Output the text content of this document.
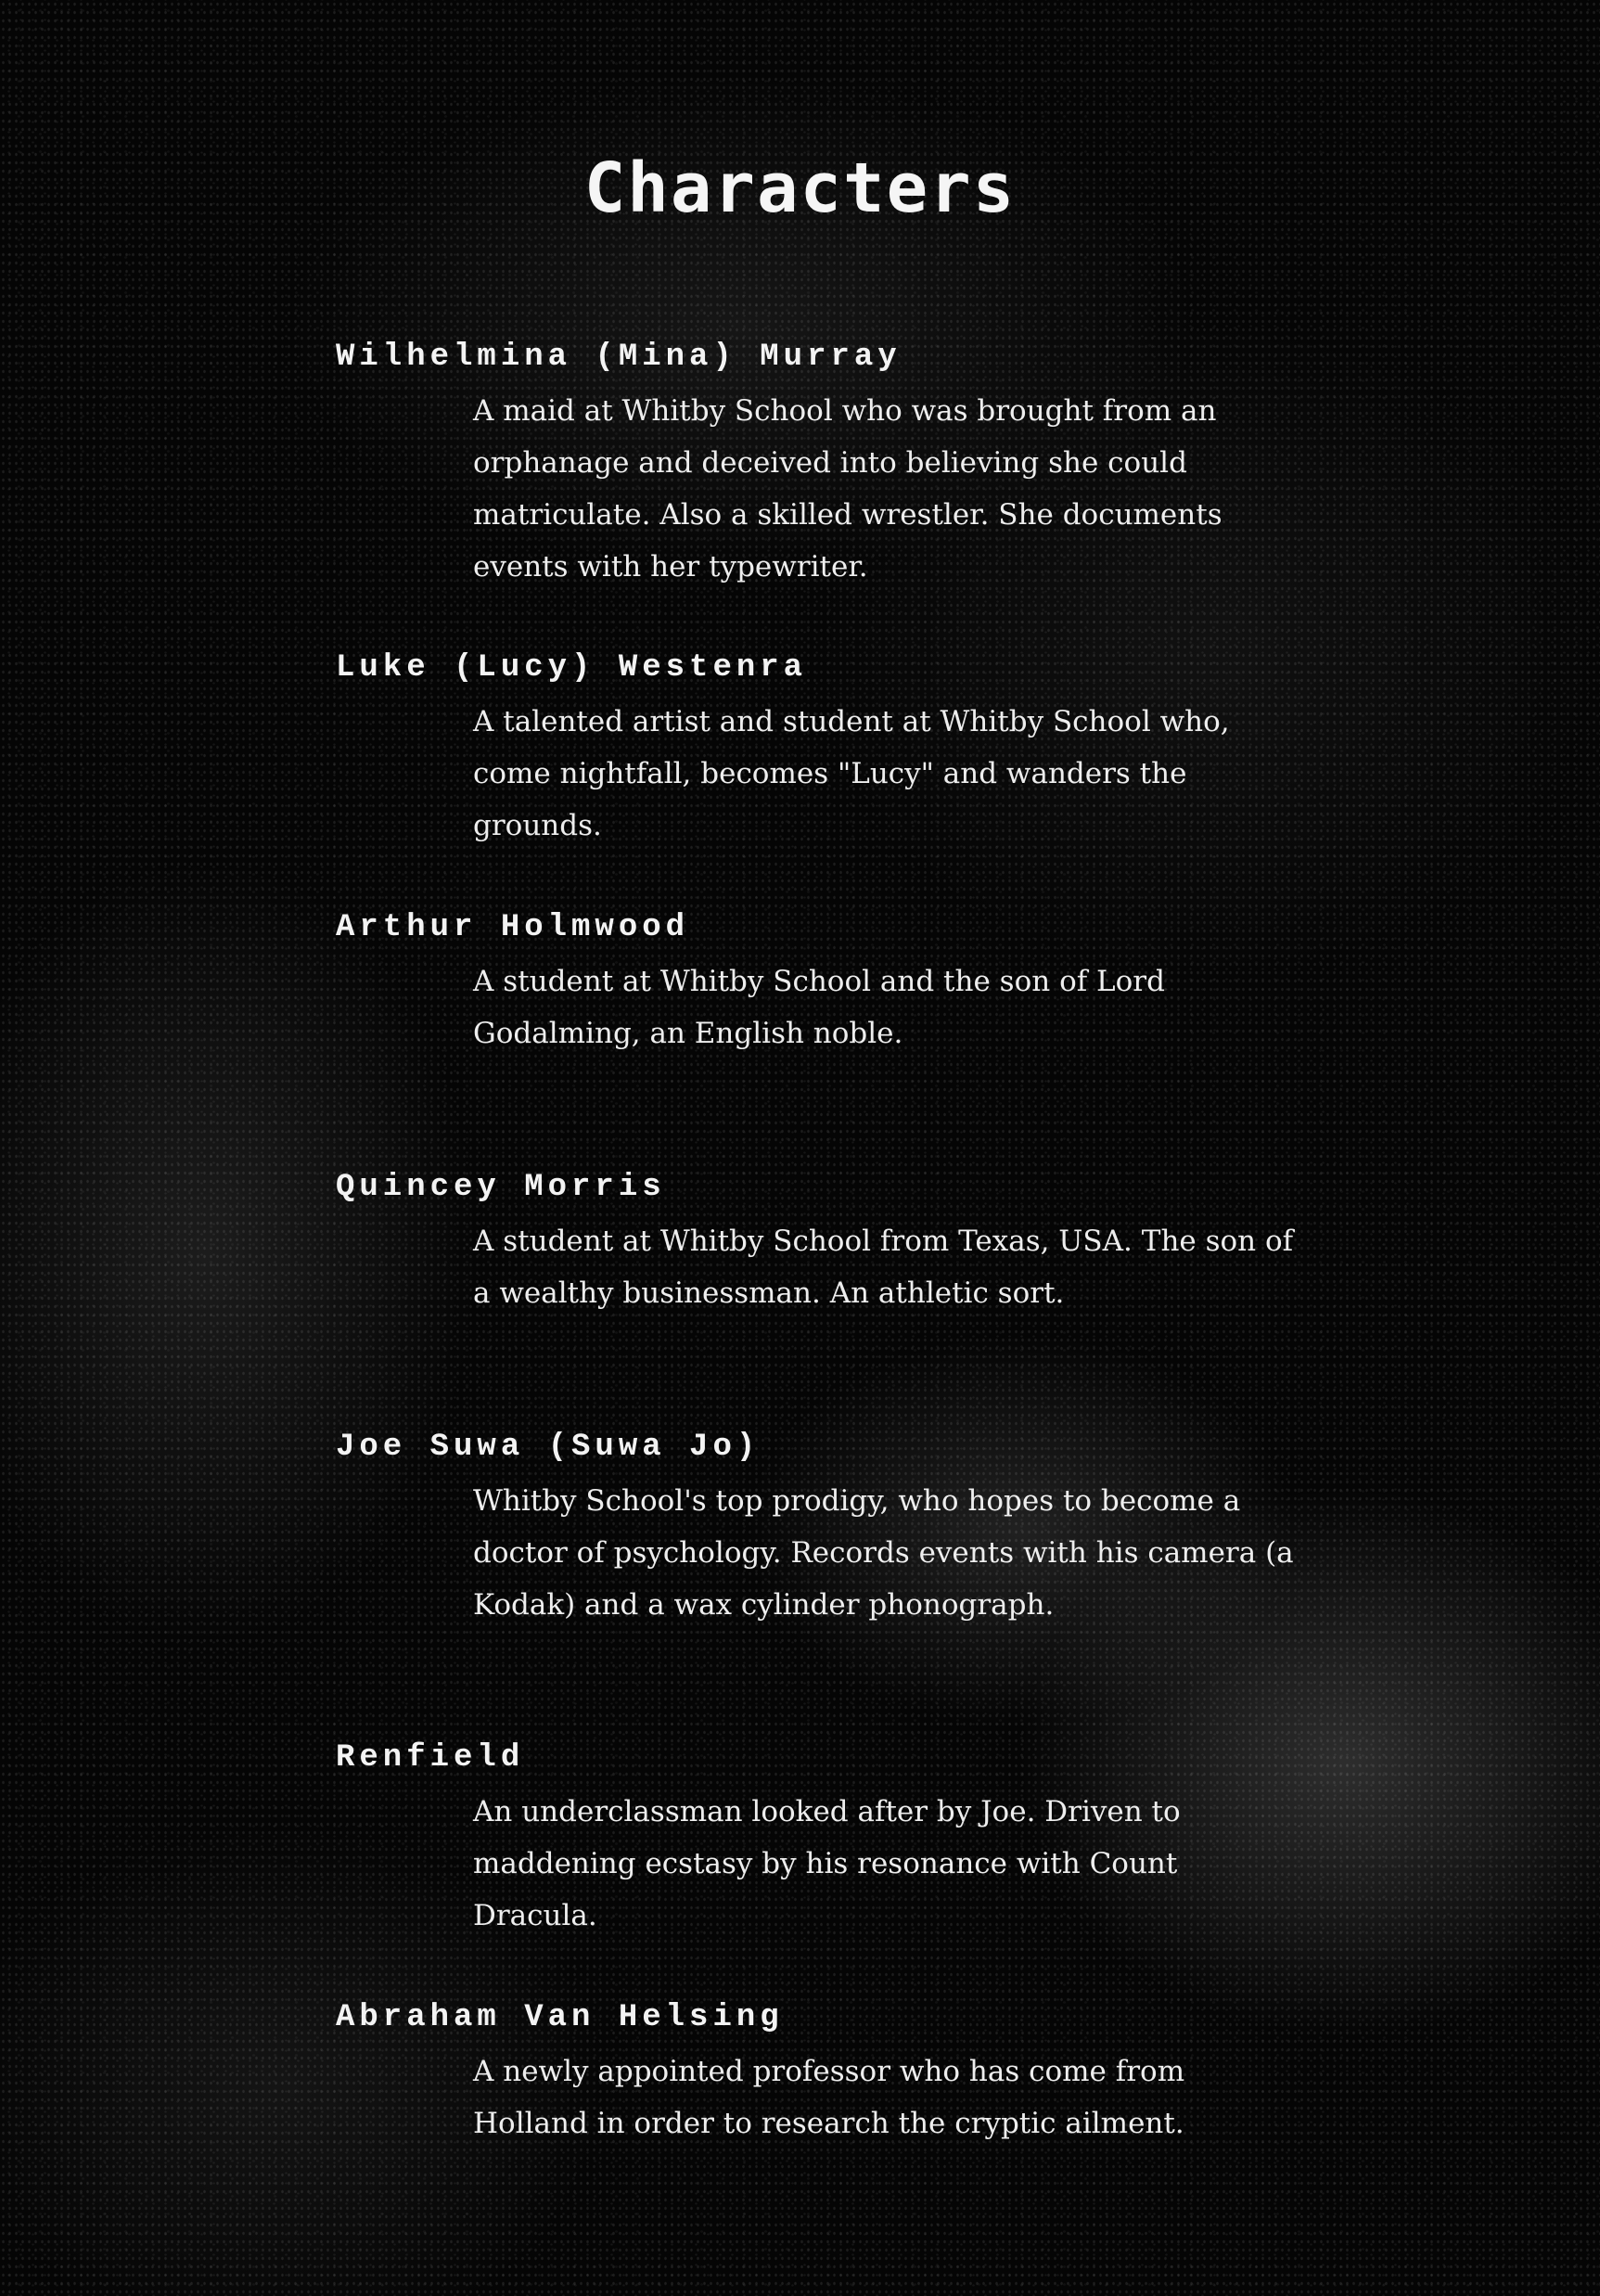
Characters
Wilhelmina (Mina) Murray
A maid at Whitby School who was brought from an orphanage and deceived into believing she could matriculate. Also a skilled wrestler. She documents events with her typewriter.
Luke (Lucy) Westenra
A talented artist and student at Whitby School who, come nightfall, becomes "Lucy" and wanders the grounds.
Arthur Holmwood
A student at Whitby School and the son of Lord Godalming, an English noble.
Quincey Morris
A student at Whitby School from Texas, USA. The son of a wealthy businessman. An athletic sort.
Joe Suwa (Suwa Jo)
Whitby School's top prodigy, who hopes to become a doctor of psychology. Records events with his camera (a Kodak) and a wax cylinder phonograph.
Renfield
An underclassman looked after by Joe. Driven to maddening ecstasy by his resonance with Count Dracula.
Abraham Van Helsing
A newly appointed professor who has come from Holland in order to research the cryptic ailment.
